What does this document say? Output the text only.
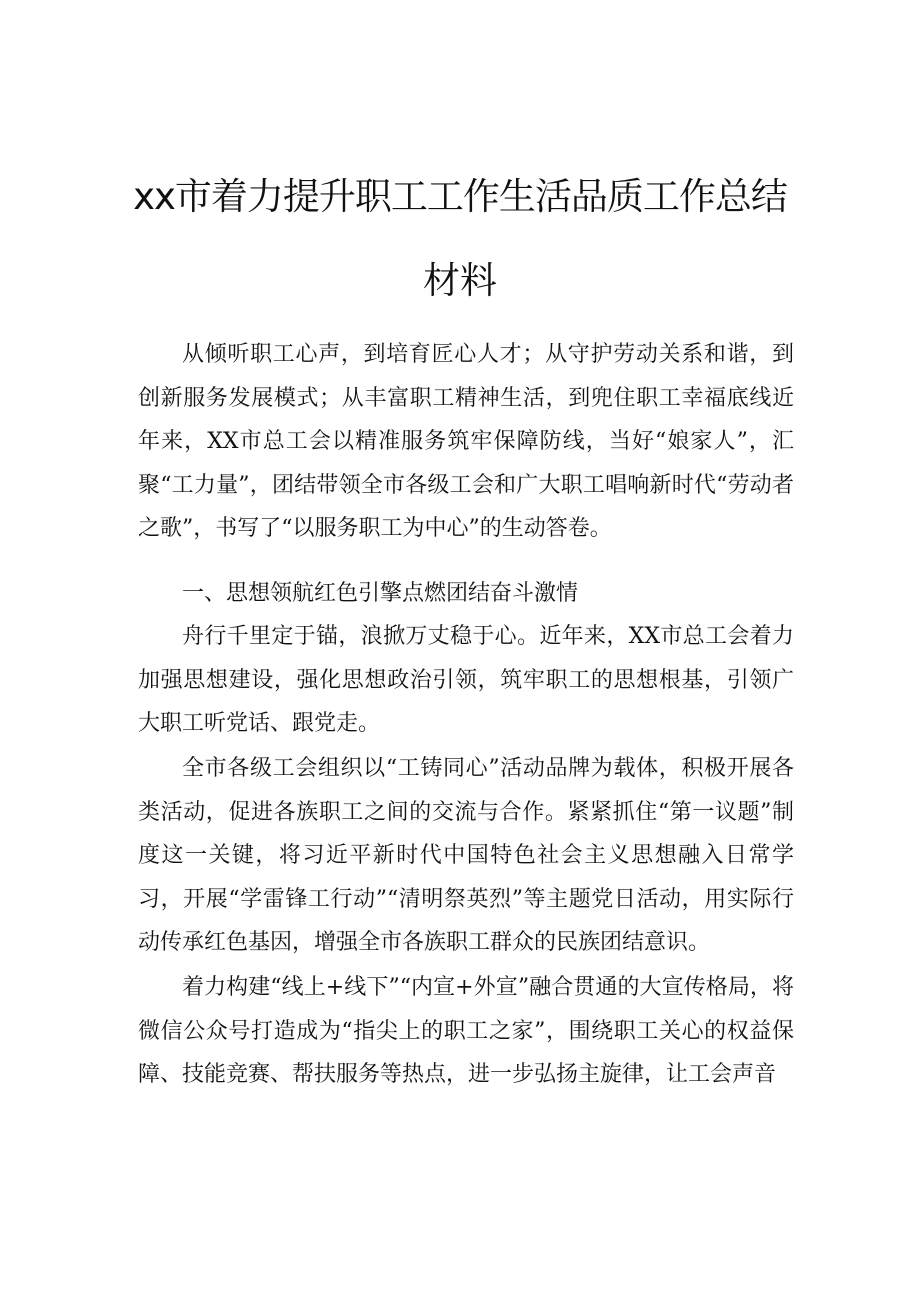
xx市着力提升职工工作生活品质工作总结
材料

从倾听职工心声，到培育匠心人才；从守护劳动关系和谐，到创新服务发展模式；从丰富职工精神生活，到兜住职工幸福底线近年来，XX市总工会以精准服务筑牢保障防线，当好“娘家人”，汇聚“工力量”，团结带领全市各级工会和广大职工唱响新时代“劳动者之歌”，书写了“以服务职工为中心”的生动答卷。

一、思想领航红色引擎点燃团结奋斗激情

舟行千里定于锚，浪掀万丈稳于心。近年来，XX市总工会着力加强思想建设，强化思想政治引领，筑牢职工的思想根基，引领广大职工听党话、跟党走。

全市各级工会组织以“工铸同心”活动品牌为载体，积极开展各类活动，促进各族职工之间的交流与合作。紧紧抓住“第一议题”制度这一关键，将习近平新时代中国特色社会主义思想融入日常学习，开展“学雷锋工行动”“清明祭英烈”等主题党日活动，用实际行动传承红色基因，增强全市各族职工群众的民族团结意识。

着力构建“线上+线下”“内宣+外宣”融合贯通的大宣传格局，将微信公众号打造成为“指尖上的职工之家”，围绕职工关心的权益保障、技能竞赛、帮扶服务等热点，进一步弘扬主旋律，让工会声音
